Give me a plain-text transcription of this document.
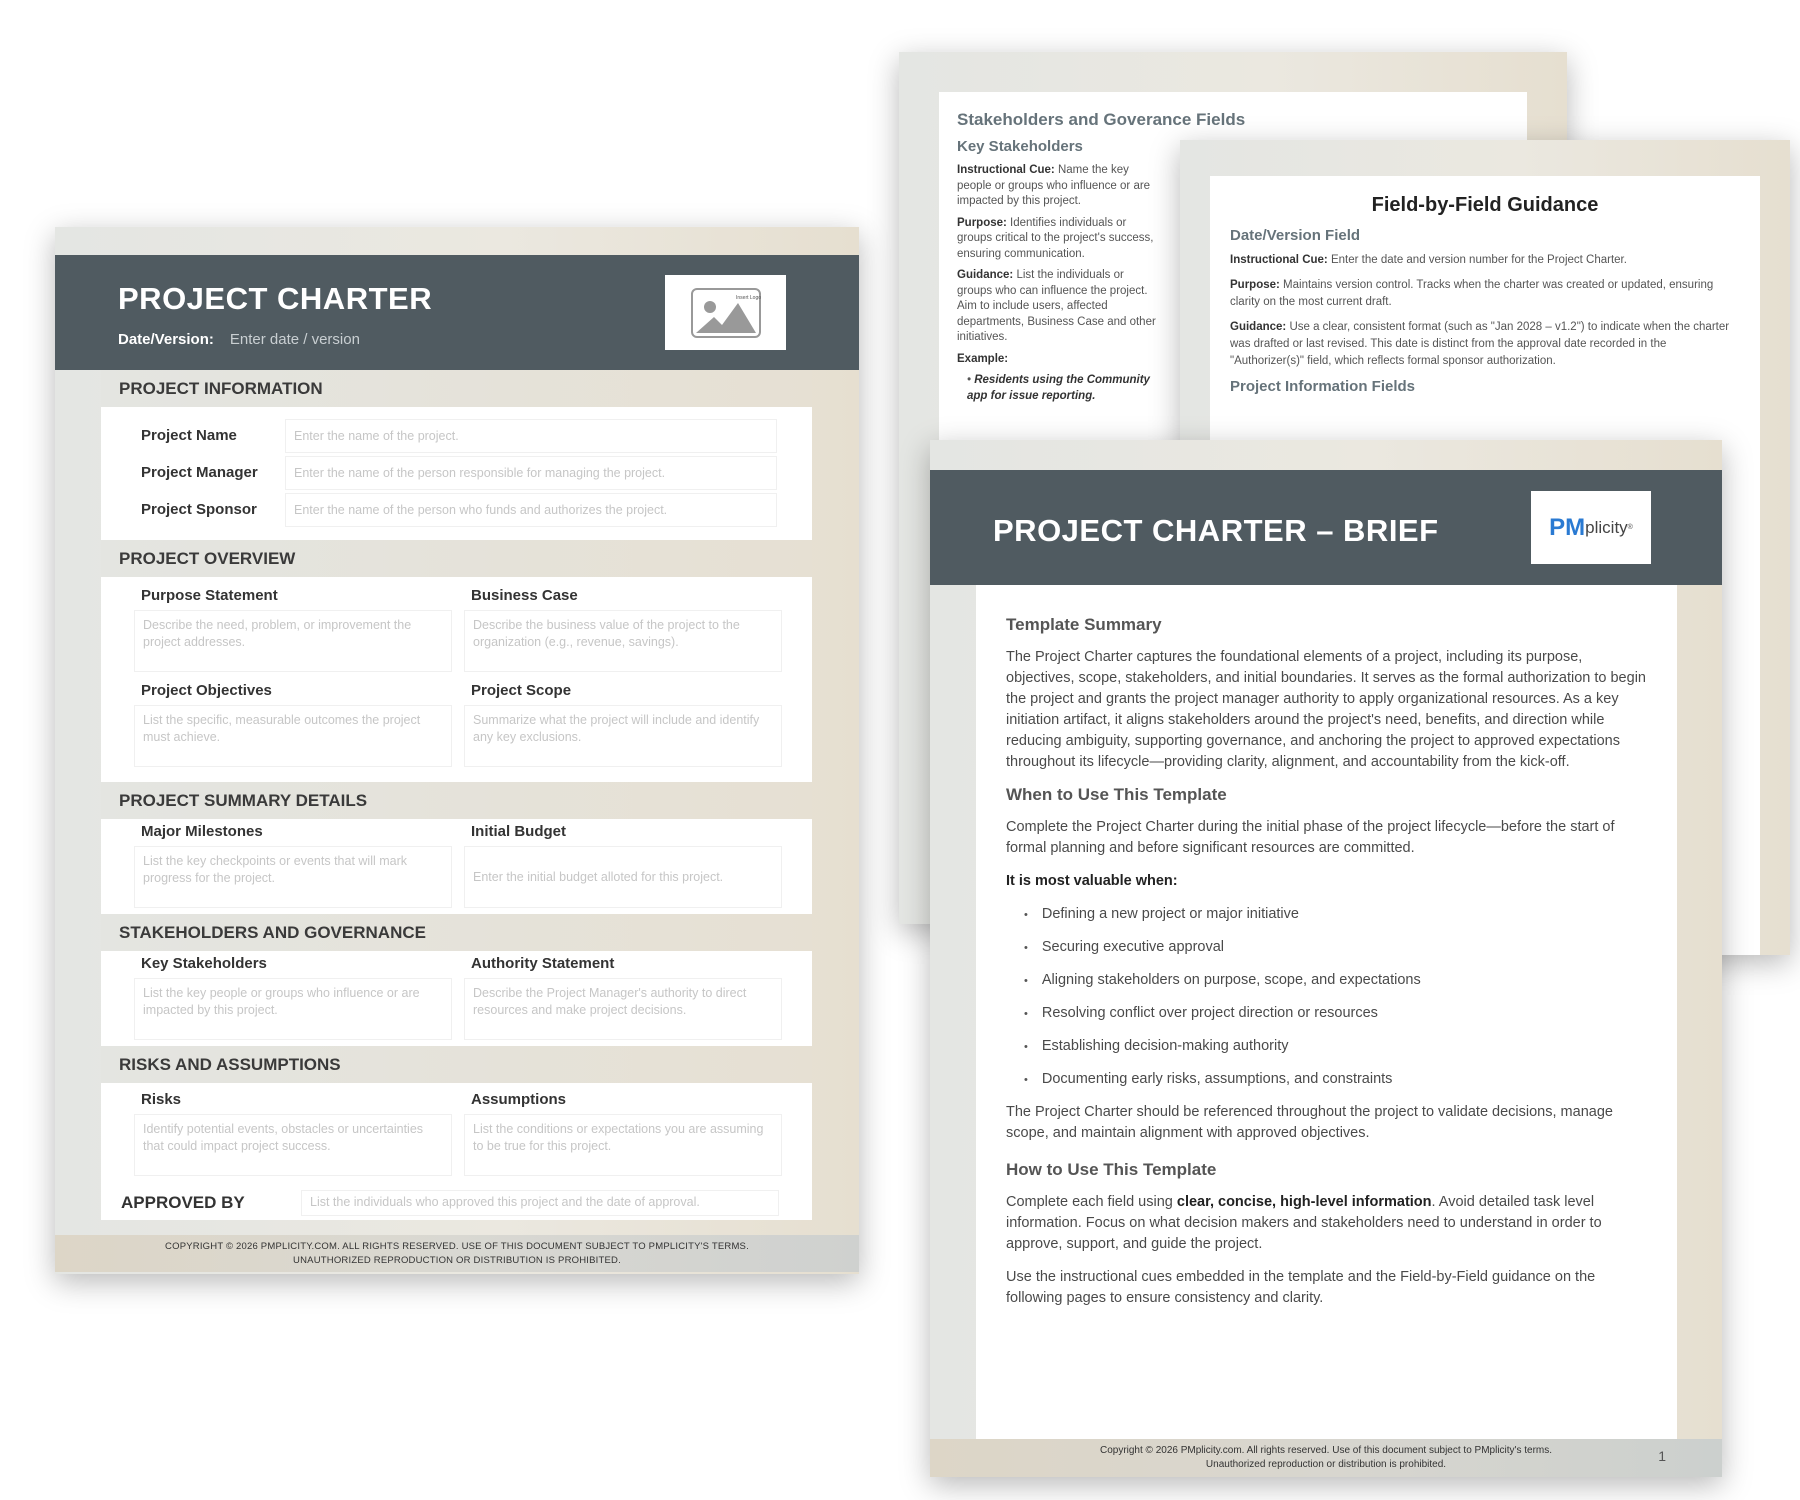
Stakeholders and Goverance Fields
Key Stakeholders

Instructional Cue: Name the key people or groups who influence or are impacted by this project.

Purpose: Identifies individuals or groups critical to the project's success, ensuring communication.

Guidance: List the individuals or groups who can influence the project. Aim to include users, affected departments, Business Case and other initiatives.

Example:

• Residents using the Community app for issue reporting.

Field-by-Field Guidance
Date/Version Field

Instructional Cue: Enter the date and version number for the Project Charter.

Purpose: Maintains version control. Tracks when the charter was created or updated, ensuring clarity on the most current draft.

Guidance: Use a clear, consistent format (such as "Jan 2028 – v1.2") to indicate when the charter was drafted or last revised. This date is distinct from the approval date recorded in the "Authorizer(s)" field, which reflects formal sponsor authorization.

Project Information Fields
PROJECT CHARTER
Date/Version: Enter date / version
Insert Logo
PROJECT INFORMATION
Project Name	Enter the name of the project.
Project Manager	Enter the name of the person responsible for managing the project.
Project Sponsor	Enter the name of the person who funds and authorizes the project.
PROJECT OVERVIEW
Purpose Statement
Describe the need, problem, or improvement the project addresses.
Business Case
Describe the business value of the project to the organization (e.g., revenue, savings).
Project Objectives
List the specific, measurable outcomes the project must achieve.
Project Scope
Summarize what the project will include and identify any key exclusions.
PROJECT SUMMARY DETAILS
Major Milestones
List the key checkpoints or events that will mark progress for the project.
Initial Budget
Enter the initial budget alloted for this project.
STAKEHOLDERS AND GOVERNANCE
Key Stakeholders
List the key people or groups who influence or are impacted by this project.
Authority Statement
Describe the Project Manager's authority to direct resources and make project decisions.
RISKS AND ASSUMPTIONS
Risks
Identify potential events, obstacles or uncertainties that could impact project success.
Assumptions
List the conditions or expectations you are assuming to be true for this project.
APPROVED BY	List the individuals who approved this project and the date of approval.
COPYRIGHT © 2026 PMPLICITY.COM. ALL RIGHTS RESERVED. USE OF THIS DOCUMENT SUBJECT TO PMPLICITY'S TERMS.
UNAUTHORIZED REPRODUCTION OR DISTRIBUTION IS PROHIBITED.
PROJECT CHARTER – BRIEF	PM plicity ®
Template Summary

The Project Charter captures the foundational elements of a project, including its purpose, objectives, scope, stakeholders, and initial boundaries. It serves as the formal authorization to begin the project and grants the project manager authority to apply organizational resources. As a key initiation artifact, it aligns stakeholders around the project's need, benefits, and direction while reducing ambiguity, supporting governance, and anchoring the project to approved expectations throughout its lifecycle—providing clarity, alignment, and accountability from the kick-off.

When to Use This Template

Complete the Project Charter during the initial phase of the project lifecycle—before the start of formal planning and before significant resources are committed.

It is most valuable when:

• Defining a new project or major initiative
• Securing executive approval
• Aligning stakeholders on purpose, scope, and expectations
• Resolving conflict over project direction or resources
• Establishing decision-making authority
• Documenting early risks, assumptions, and constraints

The Project Charter should be referenced throughout the project to validate decisions, manage scope, and maintain alignment with approved objectives.

How to Use This Template

Complete each field using clear, concise, high-level information. Avoid detailed task level information. Focus on what decision makers and stakeholders need to understand in order to approve, support, and guide the project.

Use the instructional cues embedded in the template and the Field-by-Field guidance on the following pages to ensure consistency and clarity.

Copyright © 2026 PMplicity.com. All rights reserved. Use of this document subject to PMplicity's terms.
Unauthorized reproduction or distribution is prohibited.
1
